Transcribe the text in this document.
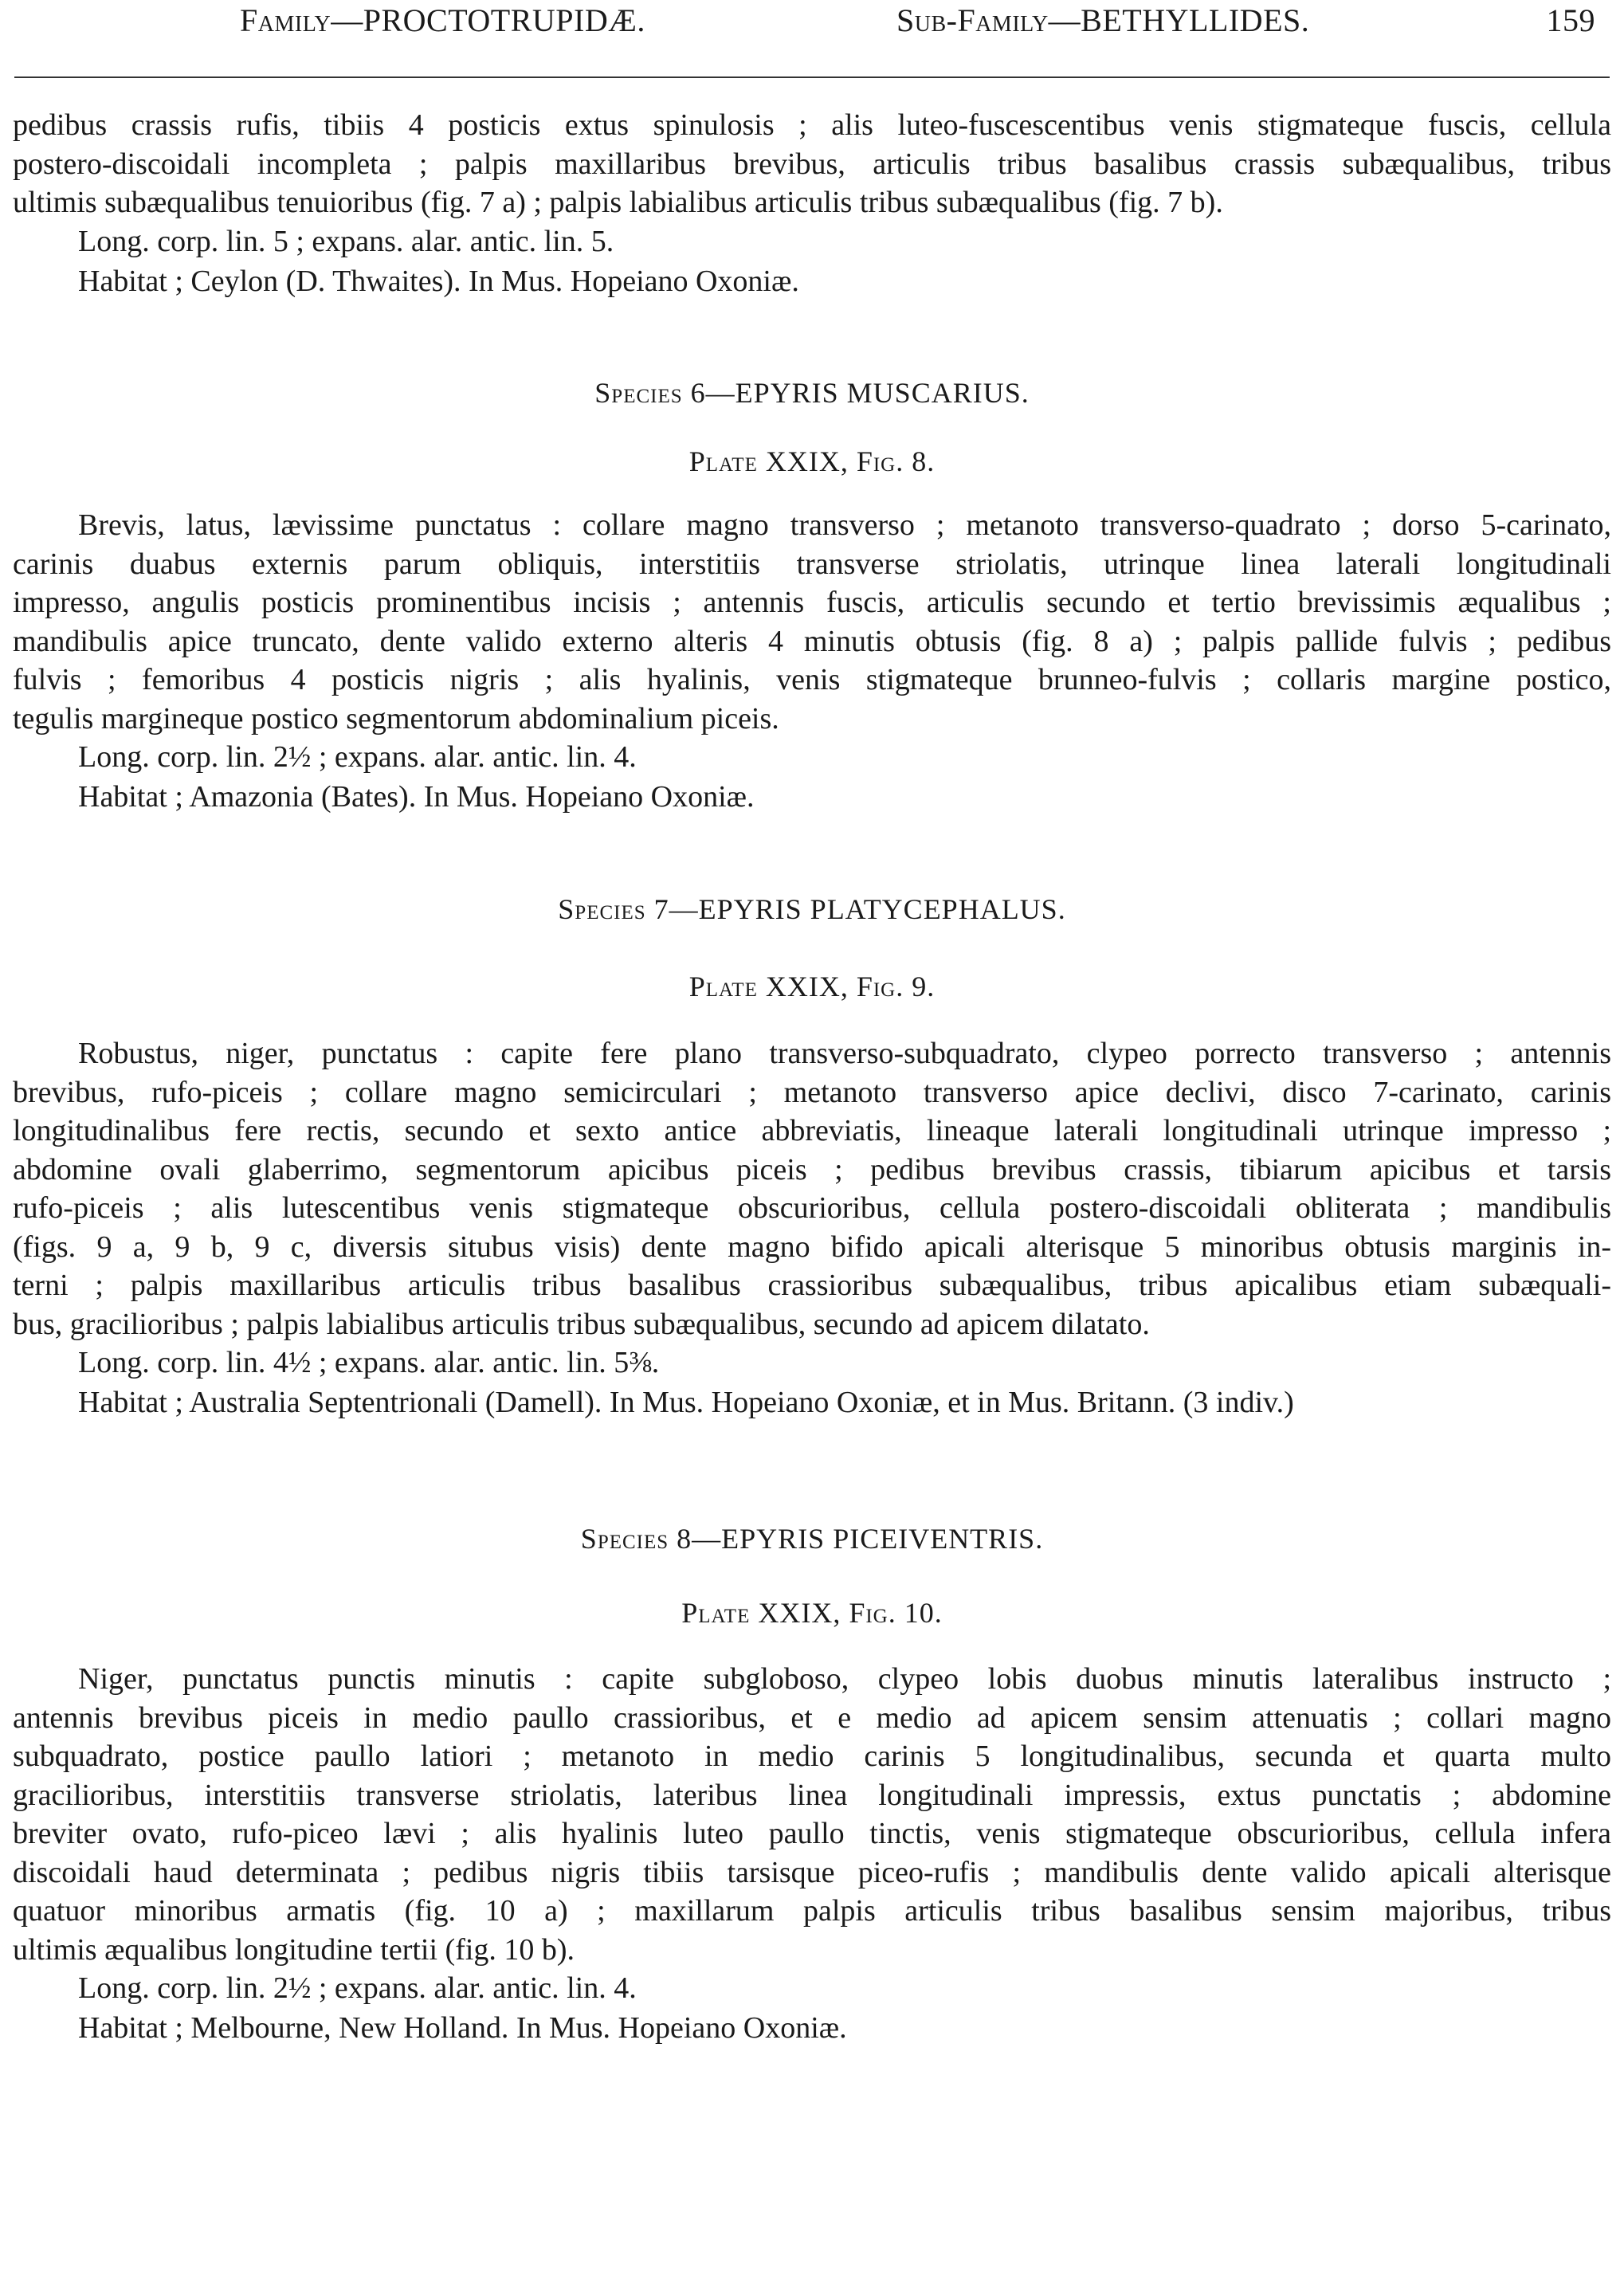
Family—PROCTOTRUPIDÆ.	Sub-Family—BETHYLLIDES.	159
pedibus crassis rufis, tibiis 4 posticis extus spinulosis ; alis luteo-fuscescentibus venis stigmateque fuscis, cellula
postero-discoidali incompleta ; palpis maxillaribus brevibus, articulis tribus basalibus crassis subæqualibus, tribus
ultimis subæqualibus tenuioribus (fig. 7 a) ; palpis labialibus articulis tribus subæqualibus (fig. 7 b).
Long. corp. lin. 5 ; expans. alar. antic. lin. 5.
Habitat ; Ceylon (D. Thwaites). In Mus. Hopeiano Oxoniæ.
Species 6—EPYRIS MUSCARIUS.
Plate XXIX, Fig. 8.
Brevis, latus, lævissime punctatus : collare magno transverso ; metanoto transverso-quadrato ; dorso 5-carinato,
carinis duabus externis parum obliquis, interstitiis transverse striolatis, utrinque linea laterali longitudinali
impresso, angulis posticis prominentibus incisis ; antennis fuscis, articulis secundo et tertio brevissimis æqualibus ;
mandibulis apice truncato, dente valido externo alteris 4 minutis obtusis (fig. 8 a) ; palpis pallide fulvis ; pedibus
fulvis ; femoribus 4 posticis nigris ; alis hyalinis, venis stigmateque brunneo-fulvis ; collaris margine postico,
tegulis margineque postico segmentorum abdominalium piceis.
Long. corp. lin. 2½ ; expans. alar. antic. lin. 4.
Habitat ; Amazonia (Bates). In Mus. Hopeiano Oxoniæ.
Species 7—EPYRIS PLATYCEPHALUS.
Plate XXIX, Fig. 9.
Robustus, niger, punctatus : capite fere plano transverso-subquadrato, clypeo porrecto transverso ; antennis
brevibus, rufo-piceis ; collare magno semicirculari ; metanoto transverso apice declivi, disco 7-carinato, carinis
longitudinalibus fere rectis, secundo et sexto antice abbreviatis, lineaque laterali longitudinali utrinque impresso ;
abdomine ovali glaberrimo, segmentorum apicibus piceis ; pedibus brevibus crassis, tibiarum apicibus et tarsis
rufo-piceis ; alis lutescentibus venis stigmateque obscurioribus, cellula postero-discoidali obliterata ; mandibulis
(figs. 9 a, 9 b, 9 c, diversis situbus visis) dente magno bifido apicali alterisque 5 minoribus obtusis marginis in-
terni ; palpis maxillaribus articulis tribus basalibus crassioribus subæqualibus, tribus apicalibus etiam subæquali-
bus, gracilioribus ; palpis labialibus articulis tribus subæqualibus, secundo ad apicem dilatato.
Long. corp. lin. 4½ ; expans. alar. antic. lin. 5⅜.
Habitat ; Australia Septentrionali (Damell). In Mus. Hopeiano Oxoniæ, et in Mus. Britann. (3 indiv.)
Species 8—EPYRIS PICEIVENTRIS.
Plate XXIX, Fig. 10.
Niger, punctatus punctis minutis : capite subgloboso, clypeo lobis duobus minutis lateralibus instructo ;
antennis brevibus piceis in medio paullo crassioribus, et e medio ad apicem sensim attenuatis ; collari magno
subquadrato, postice paullo latiori ; metanoto in medio carinis 5 longitudinalibus, secunda et quarta multo
gracilioribus, interstitiis transverse striolatis, lateribus linea longitudinali impressis, extus punctatis ; abdomine
breviter ovato, rufo-piceo lævi ; alis hyalinis luteo paullo tinctis, venis stigmateque obscurioribus, cellula infera
discoidali haud determinata ; pedibus nigris tibiis tarsisque piceo-rufis ; mandibulis dente valido apicali alterisque
quatuor minoribus armatis (fig. 10 a) ; maxillarum palpis articulis tribus basalibus sensim majoribus, tribus
ultimis æqualibus longitudine tertii (fig. 10 b).
Long. corp. lin. 2½ ; expans. alar. antic. lin. 4.
Habitat ; Melbourne, New Holland. In Mus. Hopeiano Oxoniæ.
